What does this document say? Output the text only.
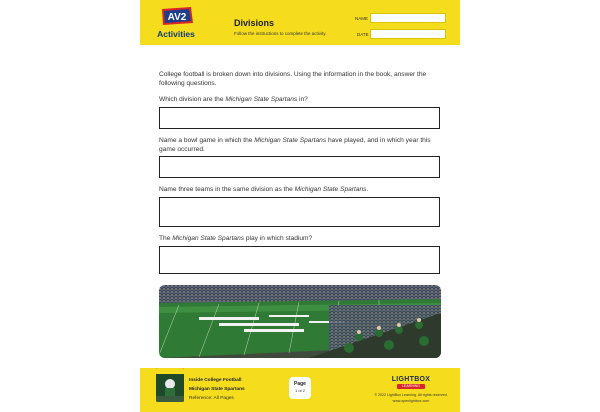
AV2
Activities
Divisions
Follow the instructions to complete the activity.
NAME
DATE
College football is broken down into divisions. Using the information in the book, answer the following questions.
Which division are the Michigan State Spartans in?
Name a bowl game in which the Michigan State Spartans have played, and in which year this game occurred.
Name three teams in the same division as the Michigan State Spartans.
The Michigan State Spartans play in which stadium?
Inside College Football
Michigan State Spartans
Reference: All Pages
Page
1 of 2
LIGHTBOX
LEARNING
© 2022 LightBox Learning. All rights reserved.
www.openlightbox.com
